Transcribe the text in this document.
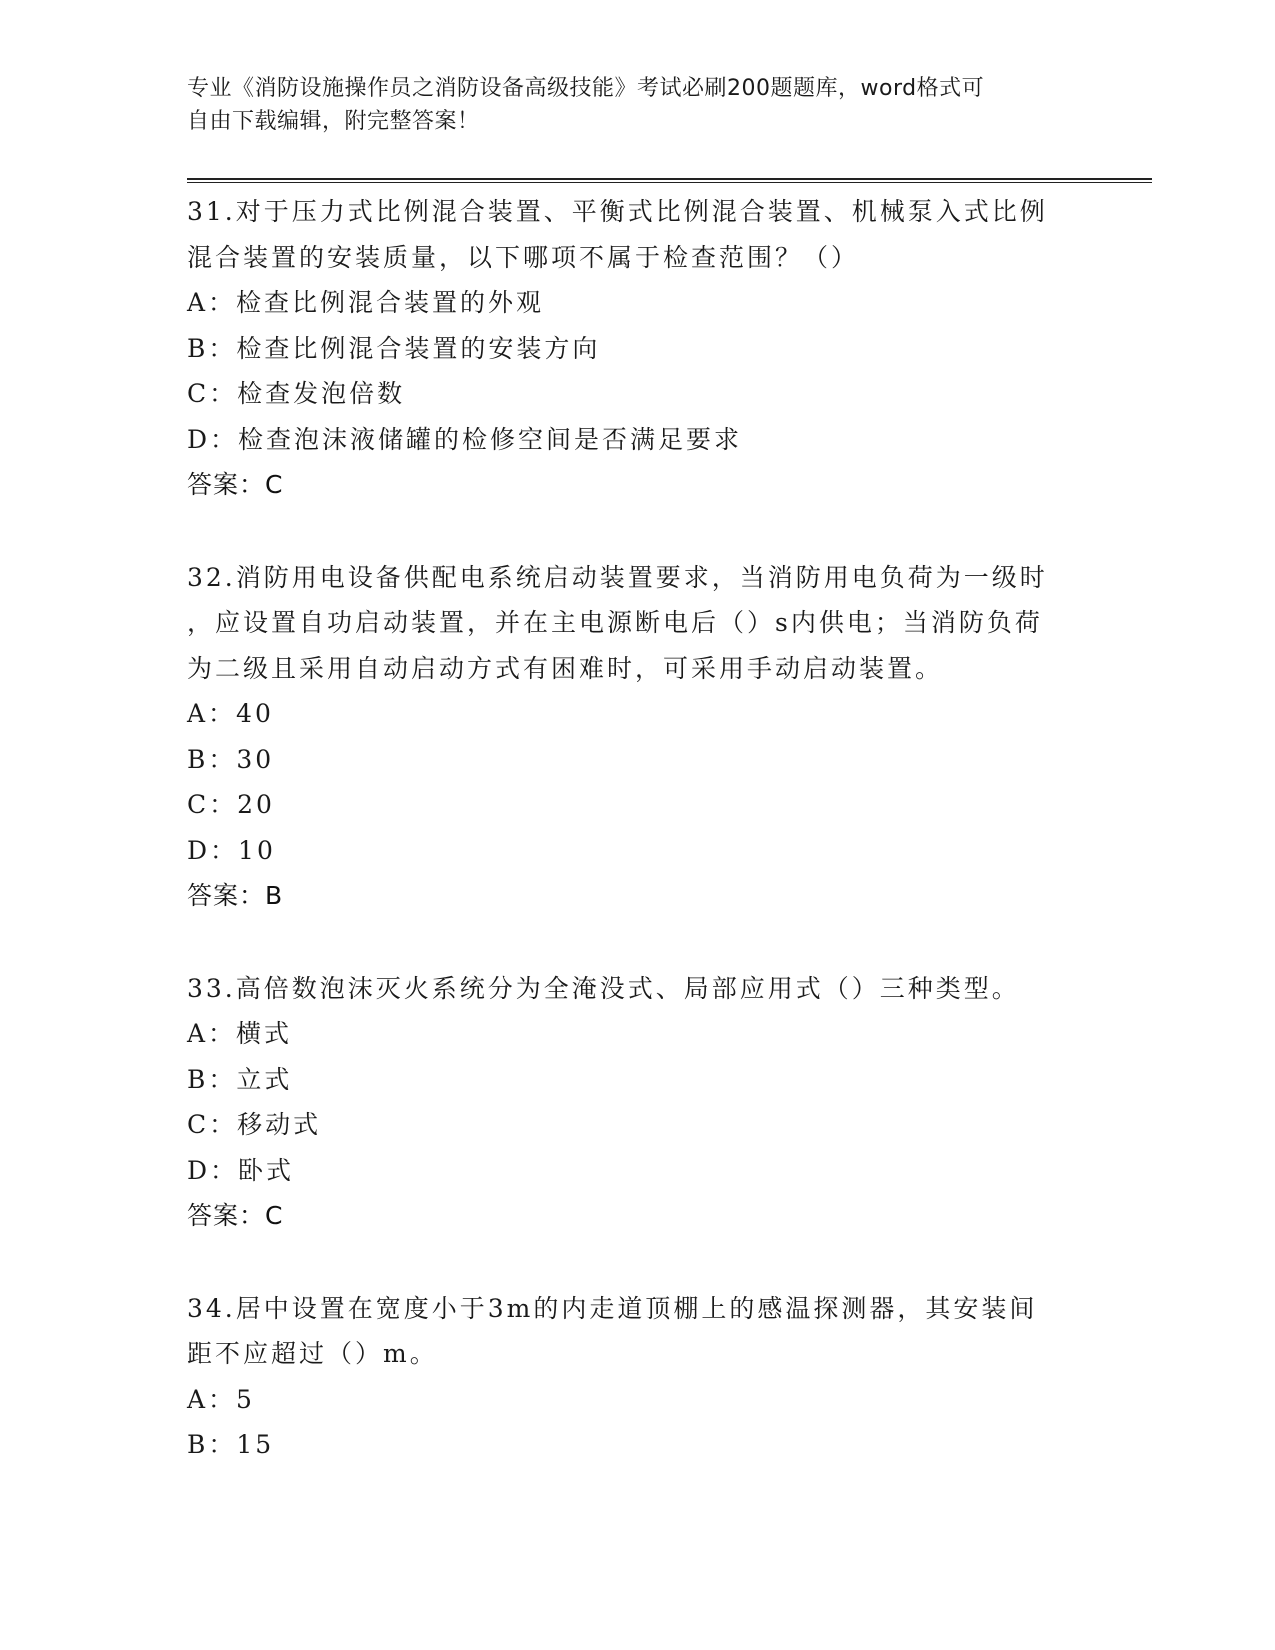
专业《消防设施操作员之消防设备高级技能》考试必刷200题题库，word格式可
自由下载编辑，附完整答案！

31.对于压力式比例混合装置、平衡式比例混合装置、机械泵入式比例

混合装置的安装质量，以下哪项不属于检查范围？（）

A：检查比例混合装置的外观

B：检查比例混合装置的安装方向

C：检查发泡倍数

D：检查泡沫液储罐的检修空间是否满足要求

答案：C

32.消防用电设备供配电系统启动装置要求，当消防用电负荷为一级时

，应设置自功启动装置，并在主电源断电后（）s内供电；当消防负荷

为二级且采用自动启动方式有困难时，可采用手动启动装置。

A：40

B：30

C：20

D：10

答案：B

33.高倍数泡沫灭火系统分为全淹没式、局部应用式（）三种类型。

A：横式

B：立式

C：移动式

D：卧式

答案：C

34.居中设置在宽度小于3m的内走道顶棚上的感温探测器，其安装间

距不应超过（）m。

A：5

B：15
